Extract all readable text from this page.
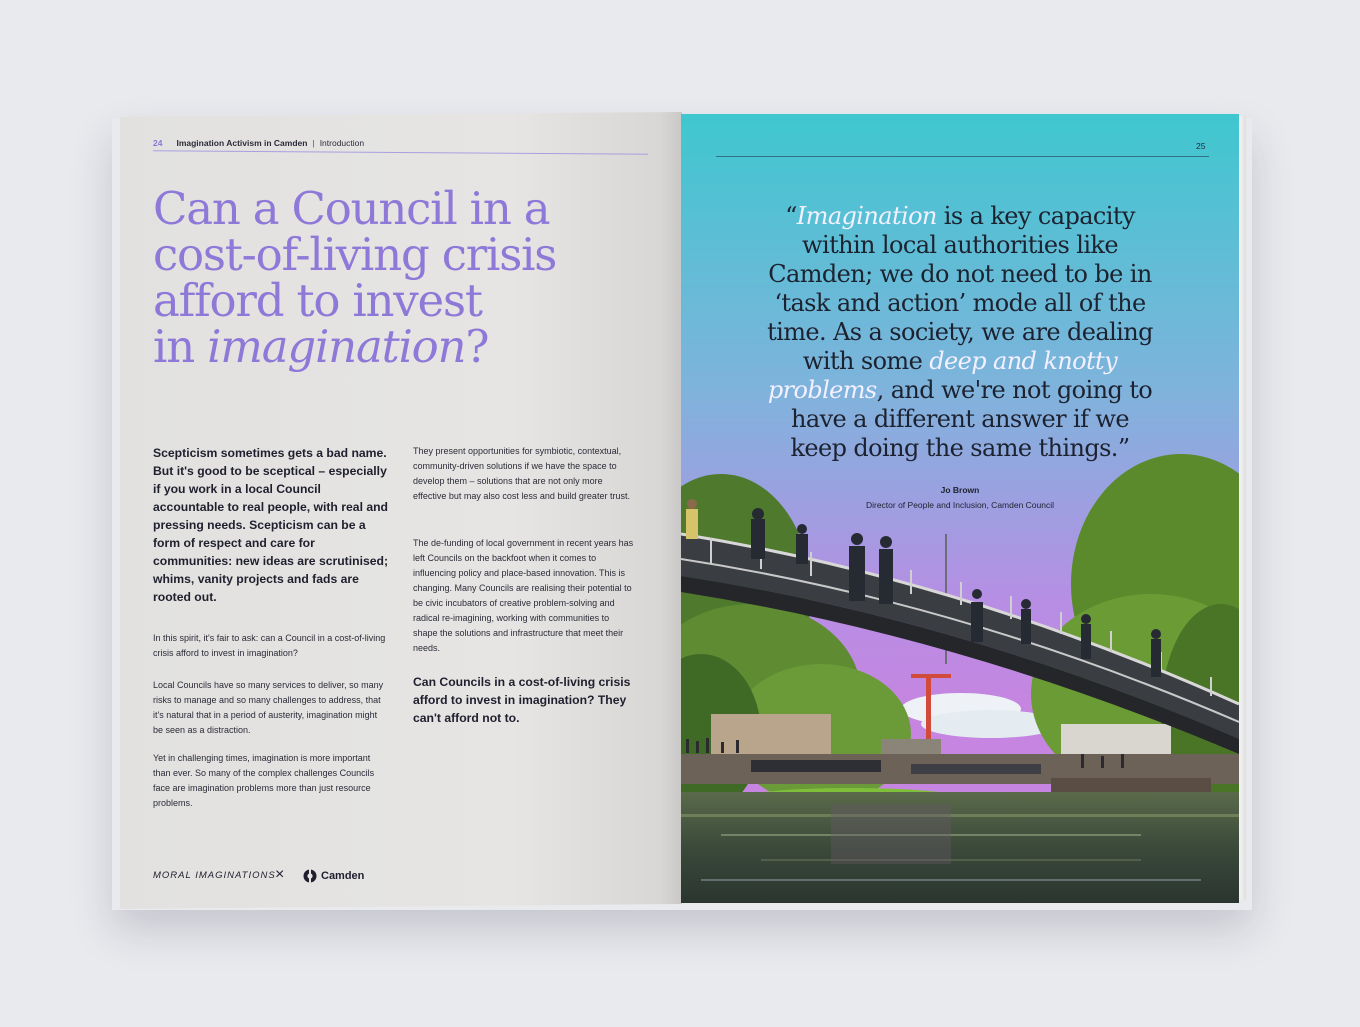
24 Imagination Activism in Camden | Introduction
Can a Council in a
cost-of-living crisis
afford to invest
in imagination?
Scepticism sometimes gets a bad name. But it's good to be sceptical – especially if you work in a local Council accountable to real people, with real and pressing needs. Scepticism can be a form of respect and care for communities: new ideas are scrutinised; whims, vanity projects and fads are rooted out.
In this spirit, it's fair to ask: can a Council in a cost-of-living crisis afford to invest in imagination?
Local Councils have so many services to deliver, so many risks to manage and so many challenges to address, that it's natural that in a period of austerity, imagination might be seen as a distraction.
Yet in challenging times, imagination is more important than ever. So many of the complex challenges Councils face are imagination problems more than just resource problems.
They present opportunities for symbiotic, contextual, community-driven solutions if we have the space to develop them – solutions that are not only more effective but may also cost less and build greater trust.
The de-funding of local government in recent years has left Councils on the backfoot when it comes to influencing policy and place-based innovation. This is changing. Many Councils are realising their potential to be civic incubators of creative problem-solving and radical re-imagining, working with communities to shape the solutions and infrastructure that meet their needs.
Can Councils in a cost-of-living crisis afford to invest in imagination? They can't afford not to.
MORAL IMAGINATIONS ×	Camden
25
“Imagination is a key capacity within local authorities like Camden; we do not need to be in ‘task and action’ mode all of the time. As a society, we are dealing with some deep and knotty problems, and we're not going to have a different answer if we keep doing the same things.”
Jo Brown
Director of People and Inclusion, Camden Council
